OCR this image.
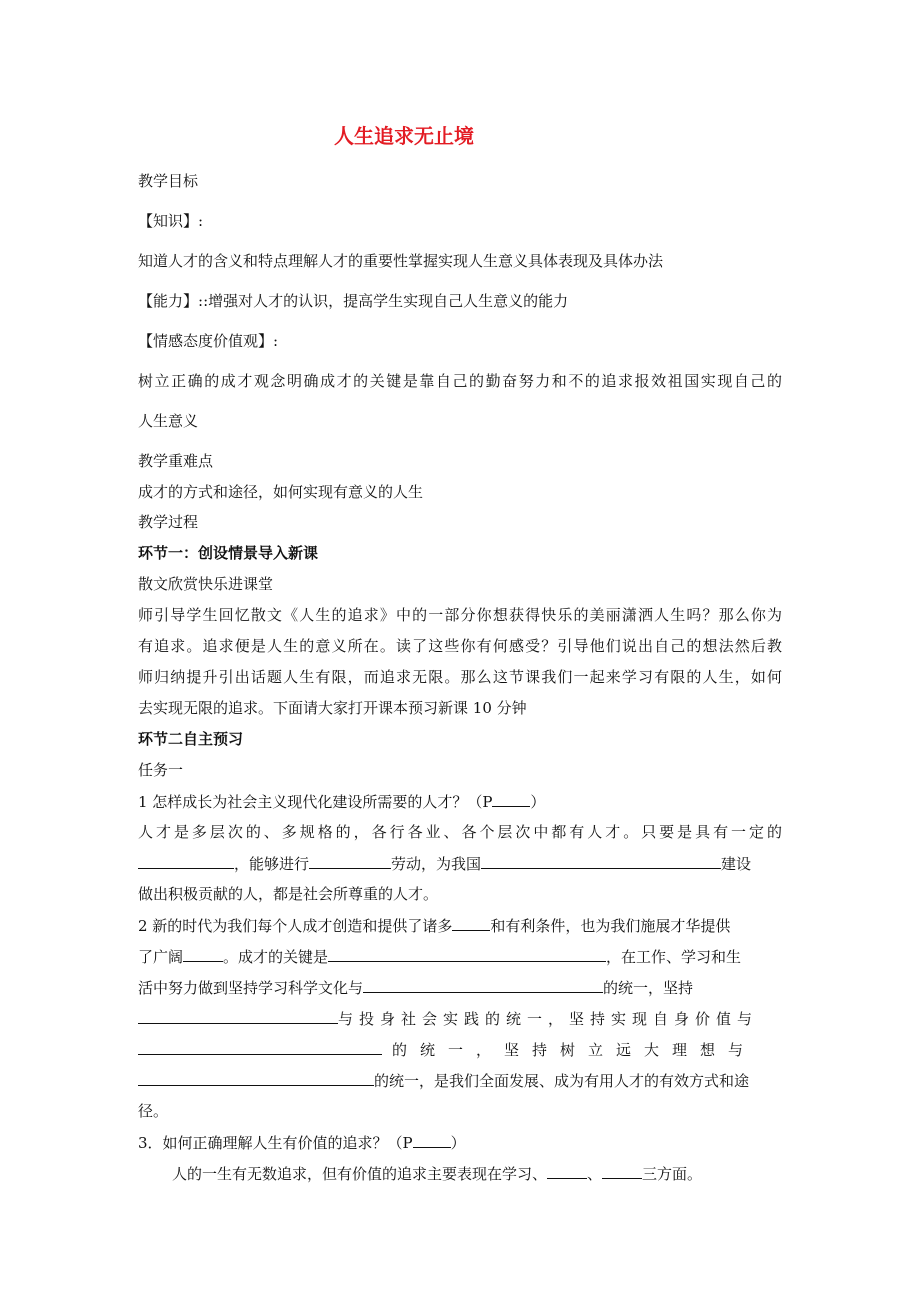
人生追求无止境
教学目标
【知识】:
知道人才的含义和特点理解人才的重要性掌握实现人生意义具体表现及具体办法
【能力】::增强对人才的认识，提高学生实现自己人生意义的能力
【情感态度价值观】:
树立正确的成才观念明确成才的关键是靠自己的勤奋努力和不的追求报效祖国实现自己的
人生意义
教学重难点
成才的方式和途径，如何实现有意义的人生
教学过程
环节一：创设情景导入新课
散文欣赏快乐进课堂
师引导学生回忆散文《人生的追求》中的一部分你想获得快乐的美丽潇洒人生吗？那么你为
有追求。追求便是人生的意义所在。读了这些你有何感受？引导他们说出自己的想法然后教
师归纳提升引出话题人生有限，而追求无限。那么这节课我们一起来学习有限的人生，如何
去实现无限的追求。下面请大家打开课本预习新课 10 分钟
环节二自主预习
任务一
1 怎样成长为社会主义现代化建设所需要的人才？（P	）
人才是多层次的、多规格的，各行各业、各个层次中都有人才。只要是具有一定的
，能够进行	劳动，为我国	建设
做出积极贡献的人，都是社会所尊重的人才。
2 新的时代为我们每个人成才创造和提供了诸多	和有利条件，也为我们施展才华提供
了广阔	。成才的关键是	，在工作、学习和生
活中努力做到坚持学习科学文化与	的统一，坚持
与投身社会实践的统一，坚持实现自身价值与
的统一，坚持树立远大理想与
的统一，是我们全面发展、成为有用人才的有效方式和途
径。
3．如何正确理解人生有价值的追求？（P	）
人的一生有无数追求，但有价值的追求主要表现在学习、	、	三方面。
